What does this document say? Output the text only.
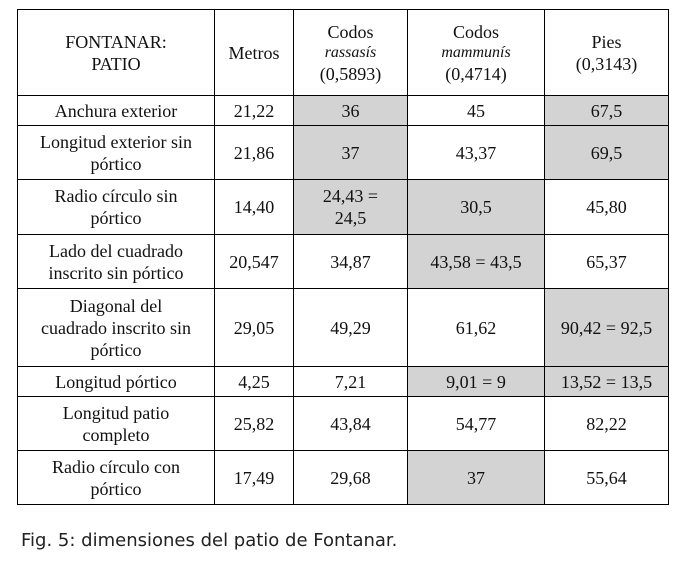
FONTANAR:
PATIO	Metros	Codos
rassasís
(0,5893)	Codos
mammunís
(0,4714)	Pies
(0,3143)

Anchura exterior	21,22	36	45	67,5

Longitud exterior sin
pórtico	21,86	37	43,37	69,5

Radio círculo sin
pórtico	14,40	24,43 =
24,5	30,5	45,80

Lado del cuadrado
inscrito sin pórtico	20,547	34,87	43,58 = 43,5	65,37

Diagonal del
cuadrado inscrito sin
pórtico	29,05	49,29	61,62	90,42 = 92,5

Longitud pórtico	4,25	7,21	9,01 = 9	13,52 = 13,5

Longitud patio
completo	25,82	43,84	54,77	82,22

Radio círculo con
pórtico	17,49	29,68	37	55,64
Fig. 5: dimensiones del patio de Fontanar.
